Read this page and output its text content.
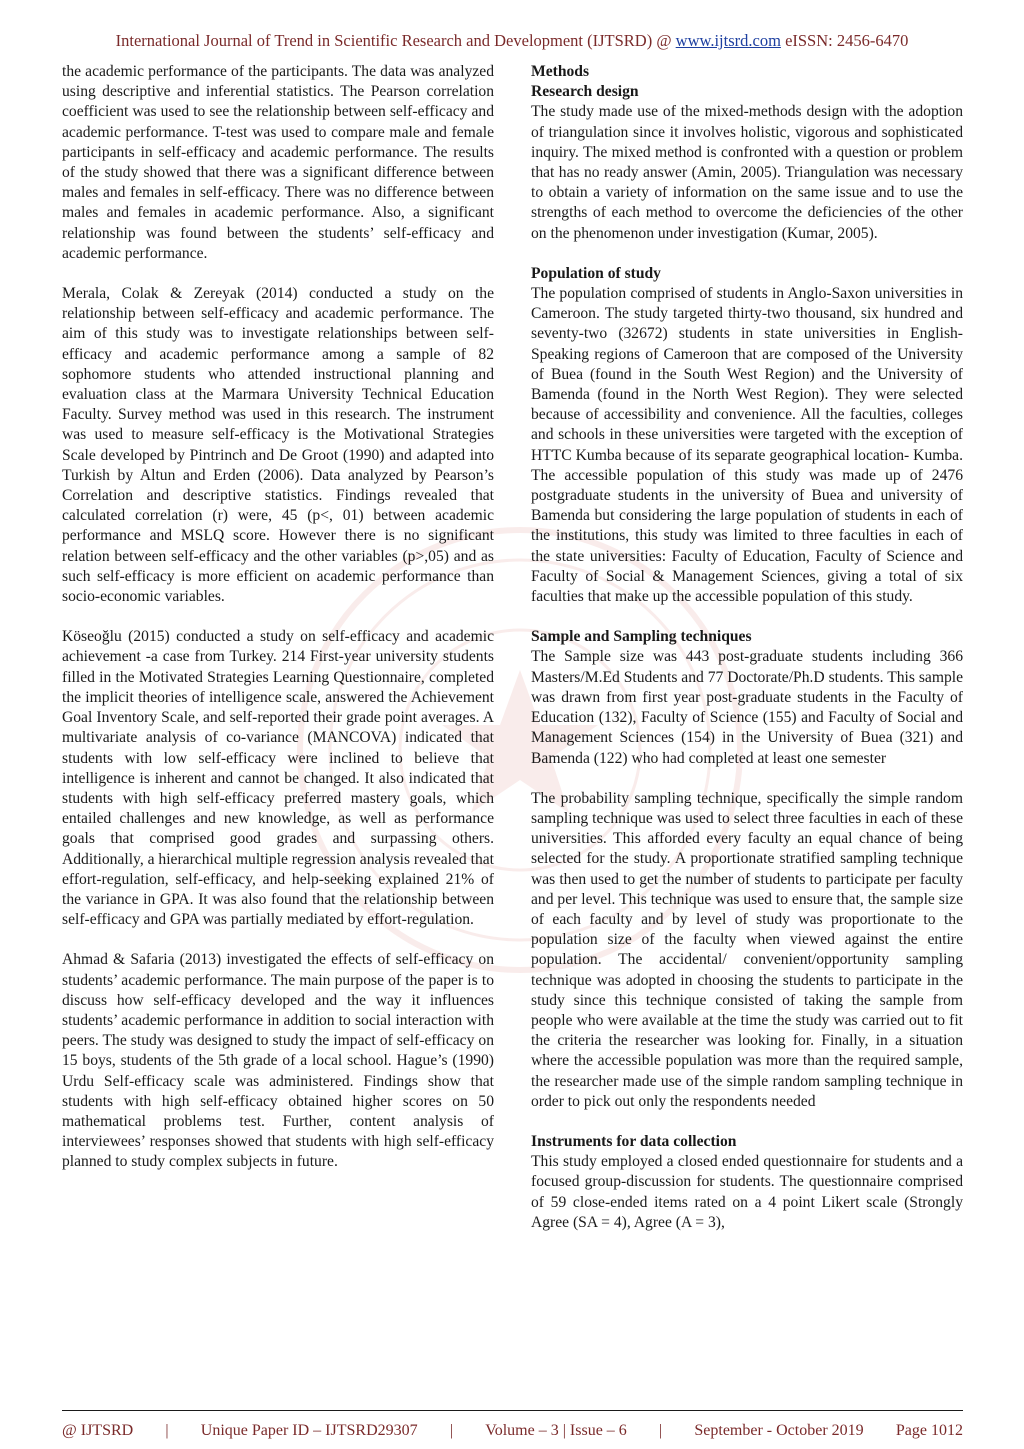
International Journal of Trend in Scientific Research and Development (IJTSRD) @ www.ijtsrd.com eISSN: 2456-6470

the academic performance of the participants. The data was analyzed using descriptive and inferential statistics. The Pearson correlation coefficient was used to see the relationship between self-efficacy and academic performance. T-test was used to compare male and female participants in self-efficacy and academic performance. The results of the study showed that there was a significant difference between males and females in self-efficacy. There was no difference between males and females in academic performance. Also, a significant relationship was found between the students’ self-efficacy and academic performance.

Merala, Colak & Zereyak (2014) conducted a study on the relationship between self-efficacy and academic performance. The aim of this study was to investigate relationships between self-efficacy and academic performance among a sample of 82 sophomore students who attended instructional planning and evaluation class at the Marmara University Technical Education Faculty. Survey method was used in this research. The instrument was used to measure self-efficacy is the Motivational Strategies Scale developed by Pintrinch and De Groot (1990) and adapted into Turkish by Altun and Erden (2006). Data analyzed by Pearson’s Correlation and descriptive statistics. Findings revealed that calculated correlation (r) were, 45 (p<, 01) between academic performance and MSLQ score. However there is no significant relation between self-efficacy and the other variables (p>,05) and as such self-efficacy is more efficient on academic performance than socio-economic variables.

Köseoğlu (2015) conducted a study on self-efficacy and academic achievement -a case from Turkey. 214 First-year university students filled in the Motivated Strategies Learning Questionnaire, completed the implicit theories of intelligence scale, answered the Achievement Goal Inventory Scale, and self-reported their grade point averages. A multivariate analysis of co-variance (MANCOVA) indicated that students with low self-efficacy were inclined to believe that intelligence is inherent and cannot be changed. It also indicated that students with high self-efficacy preferred mastery goals, which entailed challenges and new knowledge, as well as performance goals that comprised good grades and surpassing others. Additionally, a hierarchical multiple regression analysis revealed that effort-regulation, self-efficacy, and help-seeking explained 21% of the variance in GPA. It was also found that the relationship between self-efficacy and GPA was partially mediated by effort-regulation.

Ahmad & Safaria (2013) investigated the effects of self-efficacy on students’ academic performance. The main purpose of the paper is to discuss how self-efficacy developed and the way it influences students’ academic performance in addition to social interaction with peers. The study was designed to study the impact of self-efficacy on 15 boys, students of the 5th grade of a local school. Hague’s (1990) Urdu Self-efficacy scale was administered. Findings show that students with high self-efficacy obtained higher scores on 50 mathematical problems test. Further, content analysis of interviewees’ responses showed that students with high self-efficacy planned to study complex subjects in future.

Methods
Research design

The study made use of the mixed-methods design with the adoption of triangulation since it involves holistic, vigorous and sophisticated inquiry. The mixed method is confronted with a question or problem that has no ready answer (Amin, 2005). Triangulation was necessary to obtain a variety of information on the same issue and to use the strengths of each method to overcome the deficiencies of the other on the phenomenon under investigation (Kumar, 2005).

Population of study

The population comprised of students in Anglo-Saxon universities in Cameroon. The study targeted thirty-two thousand, six hundred and seventy-two (32672) students in state universities in English-Speaking regions of Cameroon that are composed of the University of Buea (found in the South West Region) and the University of Bamenda (found in the North West Region). They were selected because of accessibility and convenience. All the faculties, colleges and schools in these universities were targeted with the exception of HTTC Kumba because of its separate geographical location- Kumba. The accessible population of this study was made up of 2476 postgraduate students in the university of Buea and university of Bamenda but considering the large population of students in each of the institutions, this study was limited to three faculties in each of the state universities: Faculty of Education, Faculty of Science and Faculty of Social & Management Sciences, giving a total of six faculties that make up the accessible population of this study.

Sample and Sampling techniques

The Sample size was 443 post-graduate students including 366 Masters/M.Ed Students and 77 Doctorate/Ph.D students. This sample was drawn from first year post-graduate students in the Faculty of Education (132), Faculty of Science (155) and Faculty of Social and Management Sciences (154) in the University of Buea (321) and Bamenda (122) who had completed at least one semester

The probability sampling technique, specifically the simple random sampling technique was used to select three faculties in each of these universities. This afforded every faculty an equal chance of being selected for the study. A proportionate stratified sampling technique was then used to get the number of students to participate per faculty and per level. This technique was used to ensure that, the sample size of each faculty and by level of study was proportionate to the population size of the faculty when viewed against the entire population. The accidental/ convenient/opportunity sampling technique was adopted in choosing the students to participate in the study since this technique consisted of taking the sample from people who were available at the time the study was carried out to fit the criteria the researcher was looking for. Finally, in a situation where the accessible population was more than the required sample, the researcher made use of the simple random sampling technique in order to pick out only the respondents needed

Instruments for data collection

This study employed a closed ended questionnaire for students and a focused group-discussion for students. The questionnaire comprised of 59 close-ended items rated on a 4 point Likert scale (Strongly Agree (SA = 4), Agree (A = 3),

@ IJTSRD | Unique Paper ID – IJTSRD29307 | Volume – 3 | Issue – 6 | September - October 2019 Page 1012
